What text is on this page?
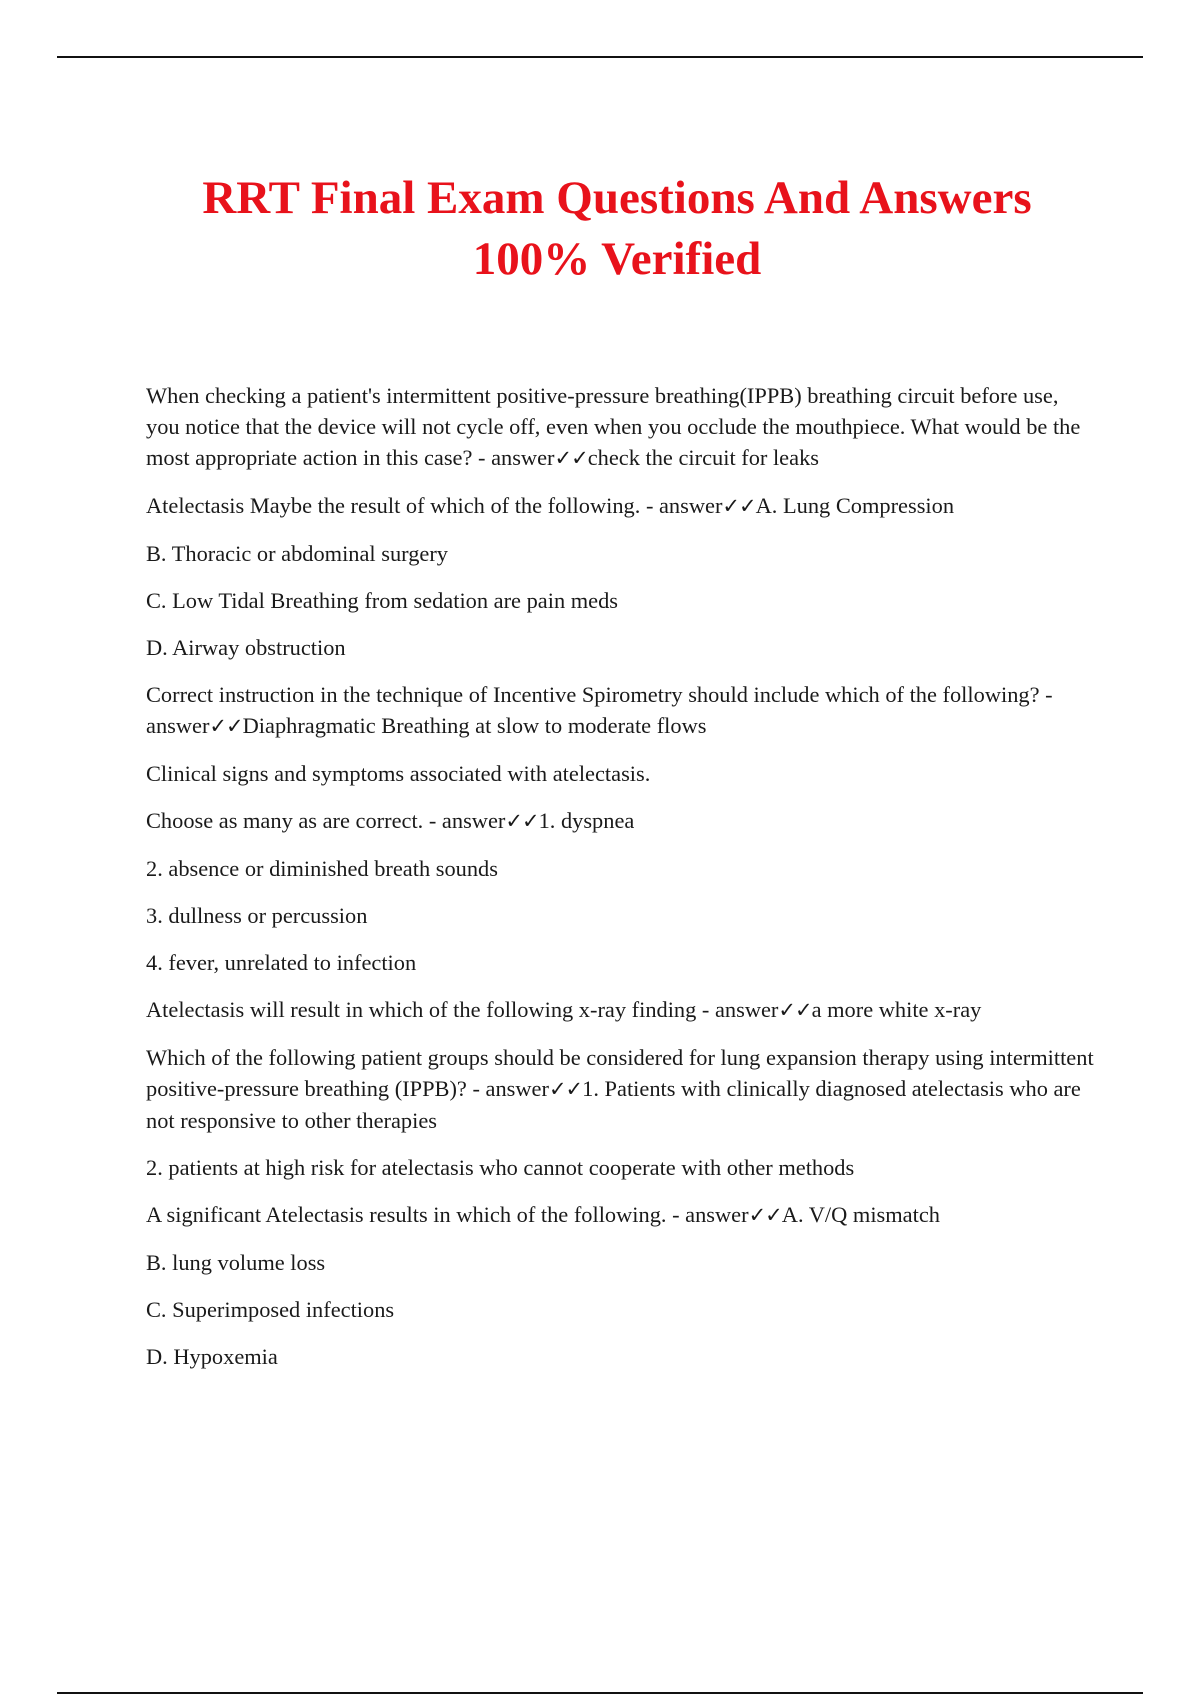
RRT Final Exam Questions And Answers
100% Verified

When checking a patient's intermittent positive-pressure breathing(IPPB) breathing circuit before use, you notice that the device will not cycle off, even when you occlude the mouthpiece. What would be the most appropriate action in this case? - answer✓✓check the circuit for leaks

Atelectasis Maybe the result of which of the following. - answer✓✓A. Lung Compression

B. Thoracic or abdominal surgery

C. Low Tidal Breathing from sedation are pain meds

D. Airway obstruction

Correct instruction in the technique of Incentive Spirometry should include which of the following? - answer✓✓Diaphragmatic Breathing at slow to moderate flows

Clinical signs and symptoms associated with atelectasis.

Choose as many as are correct. - answer✓✓1. dyspnea

2. absence or diminished breath sounds

3. dullness or percussion

4. fever, unrelated to infection

Atelectasis will result in which of the following x-ray finding - answer✓✓a more white x-ray

Which of the following patient groups should be considered for lung expansion therapy using intermittent positive-pressure breathing (IPPB)? - answer✓✓1. Patients with clinically diagnosed atelectasis who are not responsive to other therapies

2. patients at high risk for atelectasis who cannot cooperate with other methods

A significant Atelectasis results in which of the following. - answer✓✓A. V/Q mismatch

B. lung volume loss

C. Superimposed infections

D. Hypoxemia
